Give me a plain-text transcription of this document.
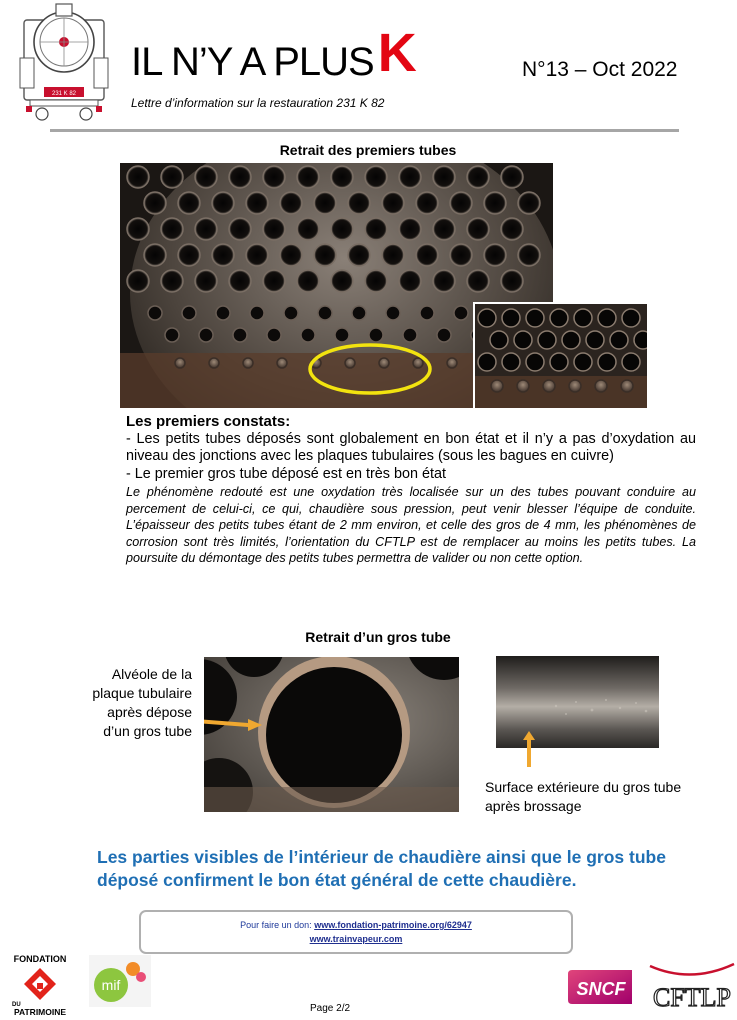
231 K 82
IL N’Y A PLUSK	N°13 – Oct 2022
Lettre d’information sur la restauration 231 K 82
Retrait des premiers tubes
Les premiers constats:

- Les petits tubes déposés sont globalement en bon état et il n’y a pas d’oxydation au niveau des jonctions avec les plaques tubulaires (sous les bagues en cuivre)

- Le premier gros tube déposé est en très bon état

Le phénomène redouté est une oxydation très localisée sur un des tubes pouvant conduire au percement de celui-ci, ce qui, chaudière sous pression, peut venir blesser l’équipe de conduite. L’épaisseur des petits tubes étant de 2 mm environ, et celle des gros de 4 mm, les phénomènes de corrosion sont très limités, l’orientation du CFTLP est de remplacer au moins les petits tubes. La poursuite du démontage des petits tubes permettra de valider ou non cette option.

Retrait d’un gros tube
Alvéole de la plaque tubulaire après dépose d’un gros tube
Surface extérieure du gros tube après brossage
Les parties visibles de l’intérieur de chaudière ainsi que le gros tube déposé confirment le bon état général de cette chaudière.
Pour faire un don: www.fondation-patrimoine.org/62947
www.trainvapeur.com
FONDATION
DU
PATRIMOINE
mif	SNCF CFTLP
Page 2/2
